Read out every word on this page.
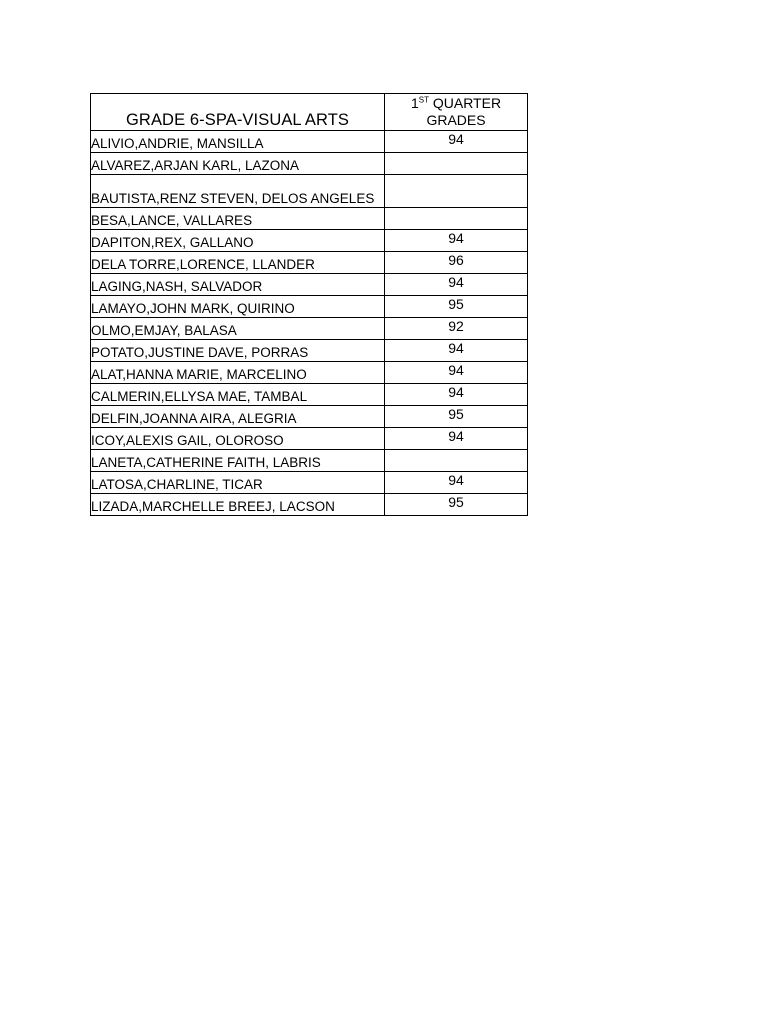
GRADE 6-SPA-VISUAL ARTS	1ST QUARTER
GRADES
ALIVIO,ANDRIE, MANSILLA	94
ALVAREZ,ARJAN KARL, LAZONA	
BAUTISTA,RENZ STEVEN, DELOS ANGELES	
BESA,LANCE, VALLARES	
DAPITON,REX, GALLANO	94
DELA TORRE,LORENCE, LLANDER	96
LAGING,NASH, SALVADOR	94
LAMAYO,JOHN MARK, QUIRINO	95
OLMO,EMJAY, BALASA	92
POTATO,JUSTINE DAVE, PORRAS	94
ALAT,HANNA MARIE, MARCELINO	94
CALMERIN,ELLYSA MAE, TAMBAL	94
DELFIN,JOANNA AIRA, ALEGRIA	95
ICOY,ALEXIS GAIL, OLOROSO	94
LANETA,CATHERINE FAITH, LABRIS	
LATOSA,CHARLINE, TICAR	94
LIZADA,MARCHELLE BREEJ, LACSON	95
